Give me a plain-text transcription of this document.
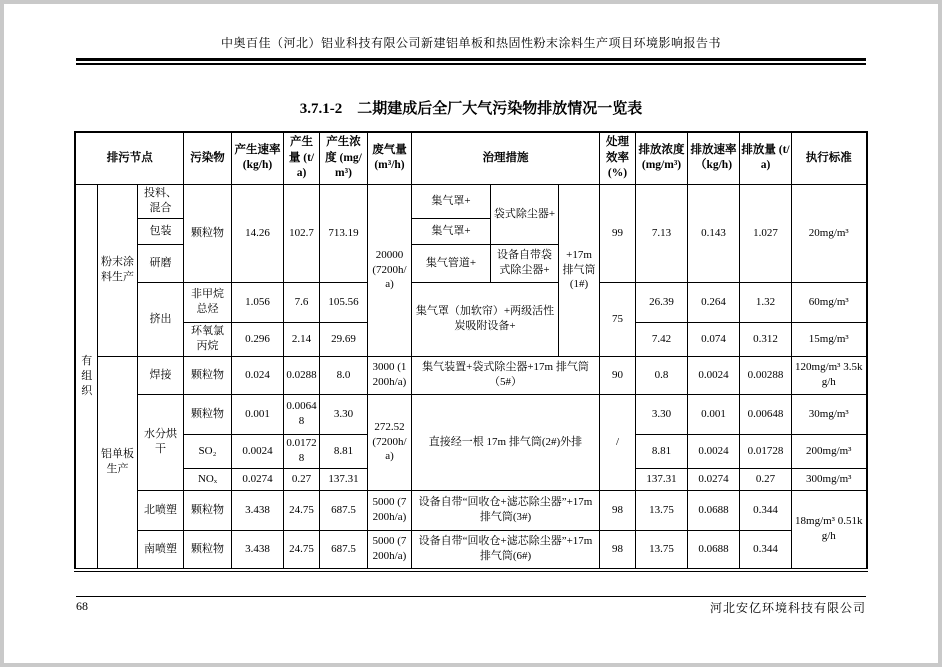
中奥百佳（河北）铝业科技有限公司新建铝单板和热固性粉末涂料生产项目环境影响报告书
3.7.1-2　二期建成后全厂大气污染物排放情况一览表
排污节点			污染物	产生速率(kg/h)	产生量 (t/a)	产生浓度 (mg/m³)	废气量 (m³/h)	治理措施			处理效率(%)	排放浓度 (mg/m³)	排放速率 （kg/h)	排放量 (t/a)	执行标准
有组织	粉末涂料生产	投料、混合	颗粒物	14.26	102.7	713.19	20000 (7200h/a)	集气罩+	袋式除尘器+	+17m 排气筒(1#)	99	7.13	0.143	1.027	20mg/m³
		包装						集气罩+							
		研磨						集气管道+	设备自带袋式除尘器+						
		挤出	非甲烷总烃	1.056	7.6	105.56		集气罩（加软帘）+两级活性炭吸附设备+			75	26.39	0.264	1.32	60mg/m³
			环氧氯丙烷	0.296	2.14	29.69						7.42	0.074	0.312	15mg/m³
	铝单板生产	焊接	颗粒物	0.024	0.0288	8.0	3000 (1200h/a)	集气装置+袋式除尘器+17m 排气筒（5#）			90	0.8	0.0024	0.00288	120mg/m³ 3.5kg/h
		水分烘干	颗粒物	0.001	0.00648	3.30	272.52 (7200h/a)	直接经一根 17m 排气筒(2#)外排			/	3.30	0.001	0.00648	30mg/m³
			SO₂	0.0024	0.01728	8.81						8.81	0.0024	0.01728	200mg/m³
			NOₓ	0.0274	0.27	137.31						137.31	0.0274	0.27	300mg/m³
		北喷塑	颗粒物	3.438	24.75	687.5	5000 (7200h/a)	设备自带“回收仓+滤芯除尘器”+17m 排气筒(3#)			98	13.75	0.0688	0.344	18mg/m³ 0.51kg/h
		南喷塑	颗粒物	3.438	24.75	687.5	5000 (7200h/a)	设备自带“回收仓+滤芯除尘器”+17m 排气筒(6#)			98	13.75	0.0688	0.344	
68	河北安亿环境科技有限公司
